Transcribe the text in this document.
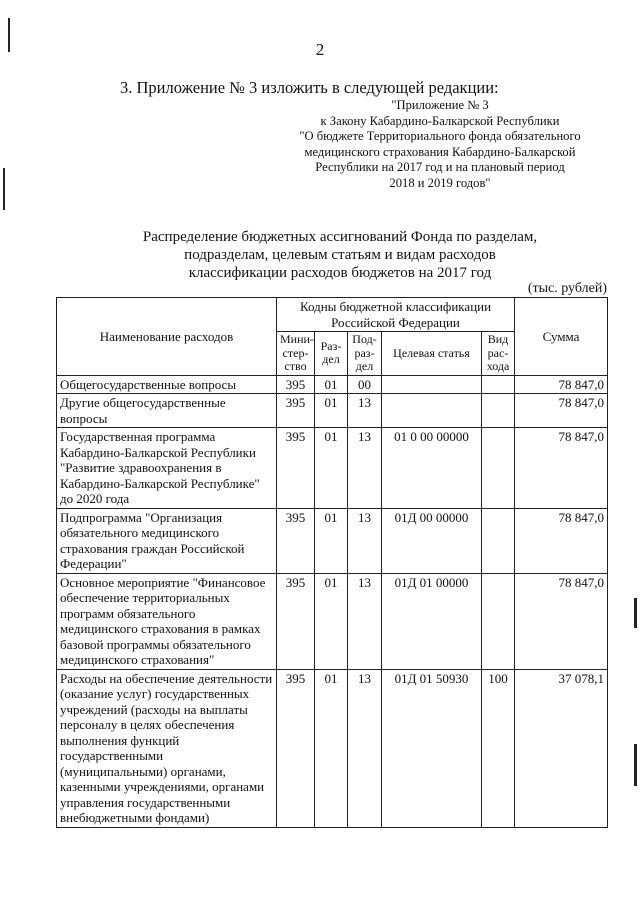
2
3. Приложение № 3 изложить в следующей редакции:
"Приложение № 3
к Закону Кабардино-Балкарской Республики
"О бюджете Территориального фонда обязательного
медицинского страхования Кабардино-Балкарской
Республики на 2017 год и на плановый период
2018 и 2019 годов"
Распределение бюджетных ассигнований Фонда по разделам,
подразделам, целевым статьям и видам расходов
классификации расходов бюджетов на 2017 год
(тыс. рублей)
Наименование расходов	Кодны бюджетной классификации Российской Федерации					Сумма
	Мини-стер-ство	Раз-дел	Под-раз-дел	Целевая статья	Вид рас-хода	
Общегосударственные вопросы	395	01	00			78 847,0
Другие общегосударственные вопросы	395	01	13			78 847,0
Государственная программа Кабардино-Балкарской Республики "Развитие здравоохранения в Кабардино-Балкарской Республике" до 2020 года	395	01	13	01 0 00 00000		78 847,0
Подпрограмма "Организация обязательного медицинского страхования граждан Российской Федерации"	395	01	13	01Д 00 00000		78 847,0
Основное мероприятие "Финансовое обеспечение территориальных программ обязательного медицинского страхования в рамках базовой программы обязательного медицинского страхования"	395	01	13	01Д 01 00000		78 847,0
Расходы на обеспечение деятельности (оказание услуг) государственных учреждений (расходы на выплаты персоналу в целях обеспечения выполнения функций государственными (муниципальными) органами, казенными учреждениями, органами управления государственными внебюджетными фондами)	395	01	13	01Д 01 50930	100	37 078,1
